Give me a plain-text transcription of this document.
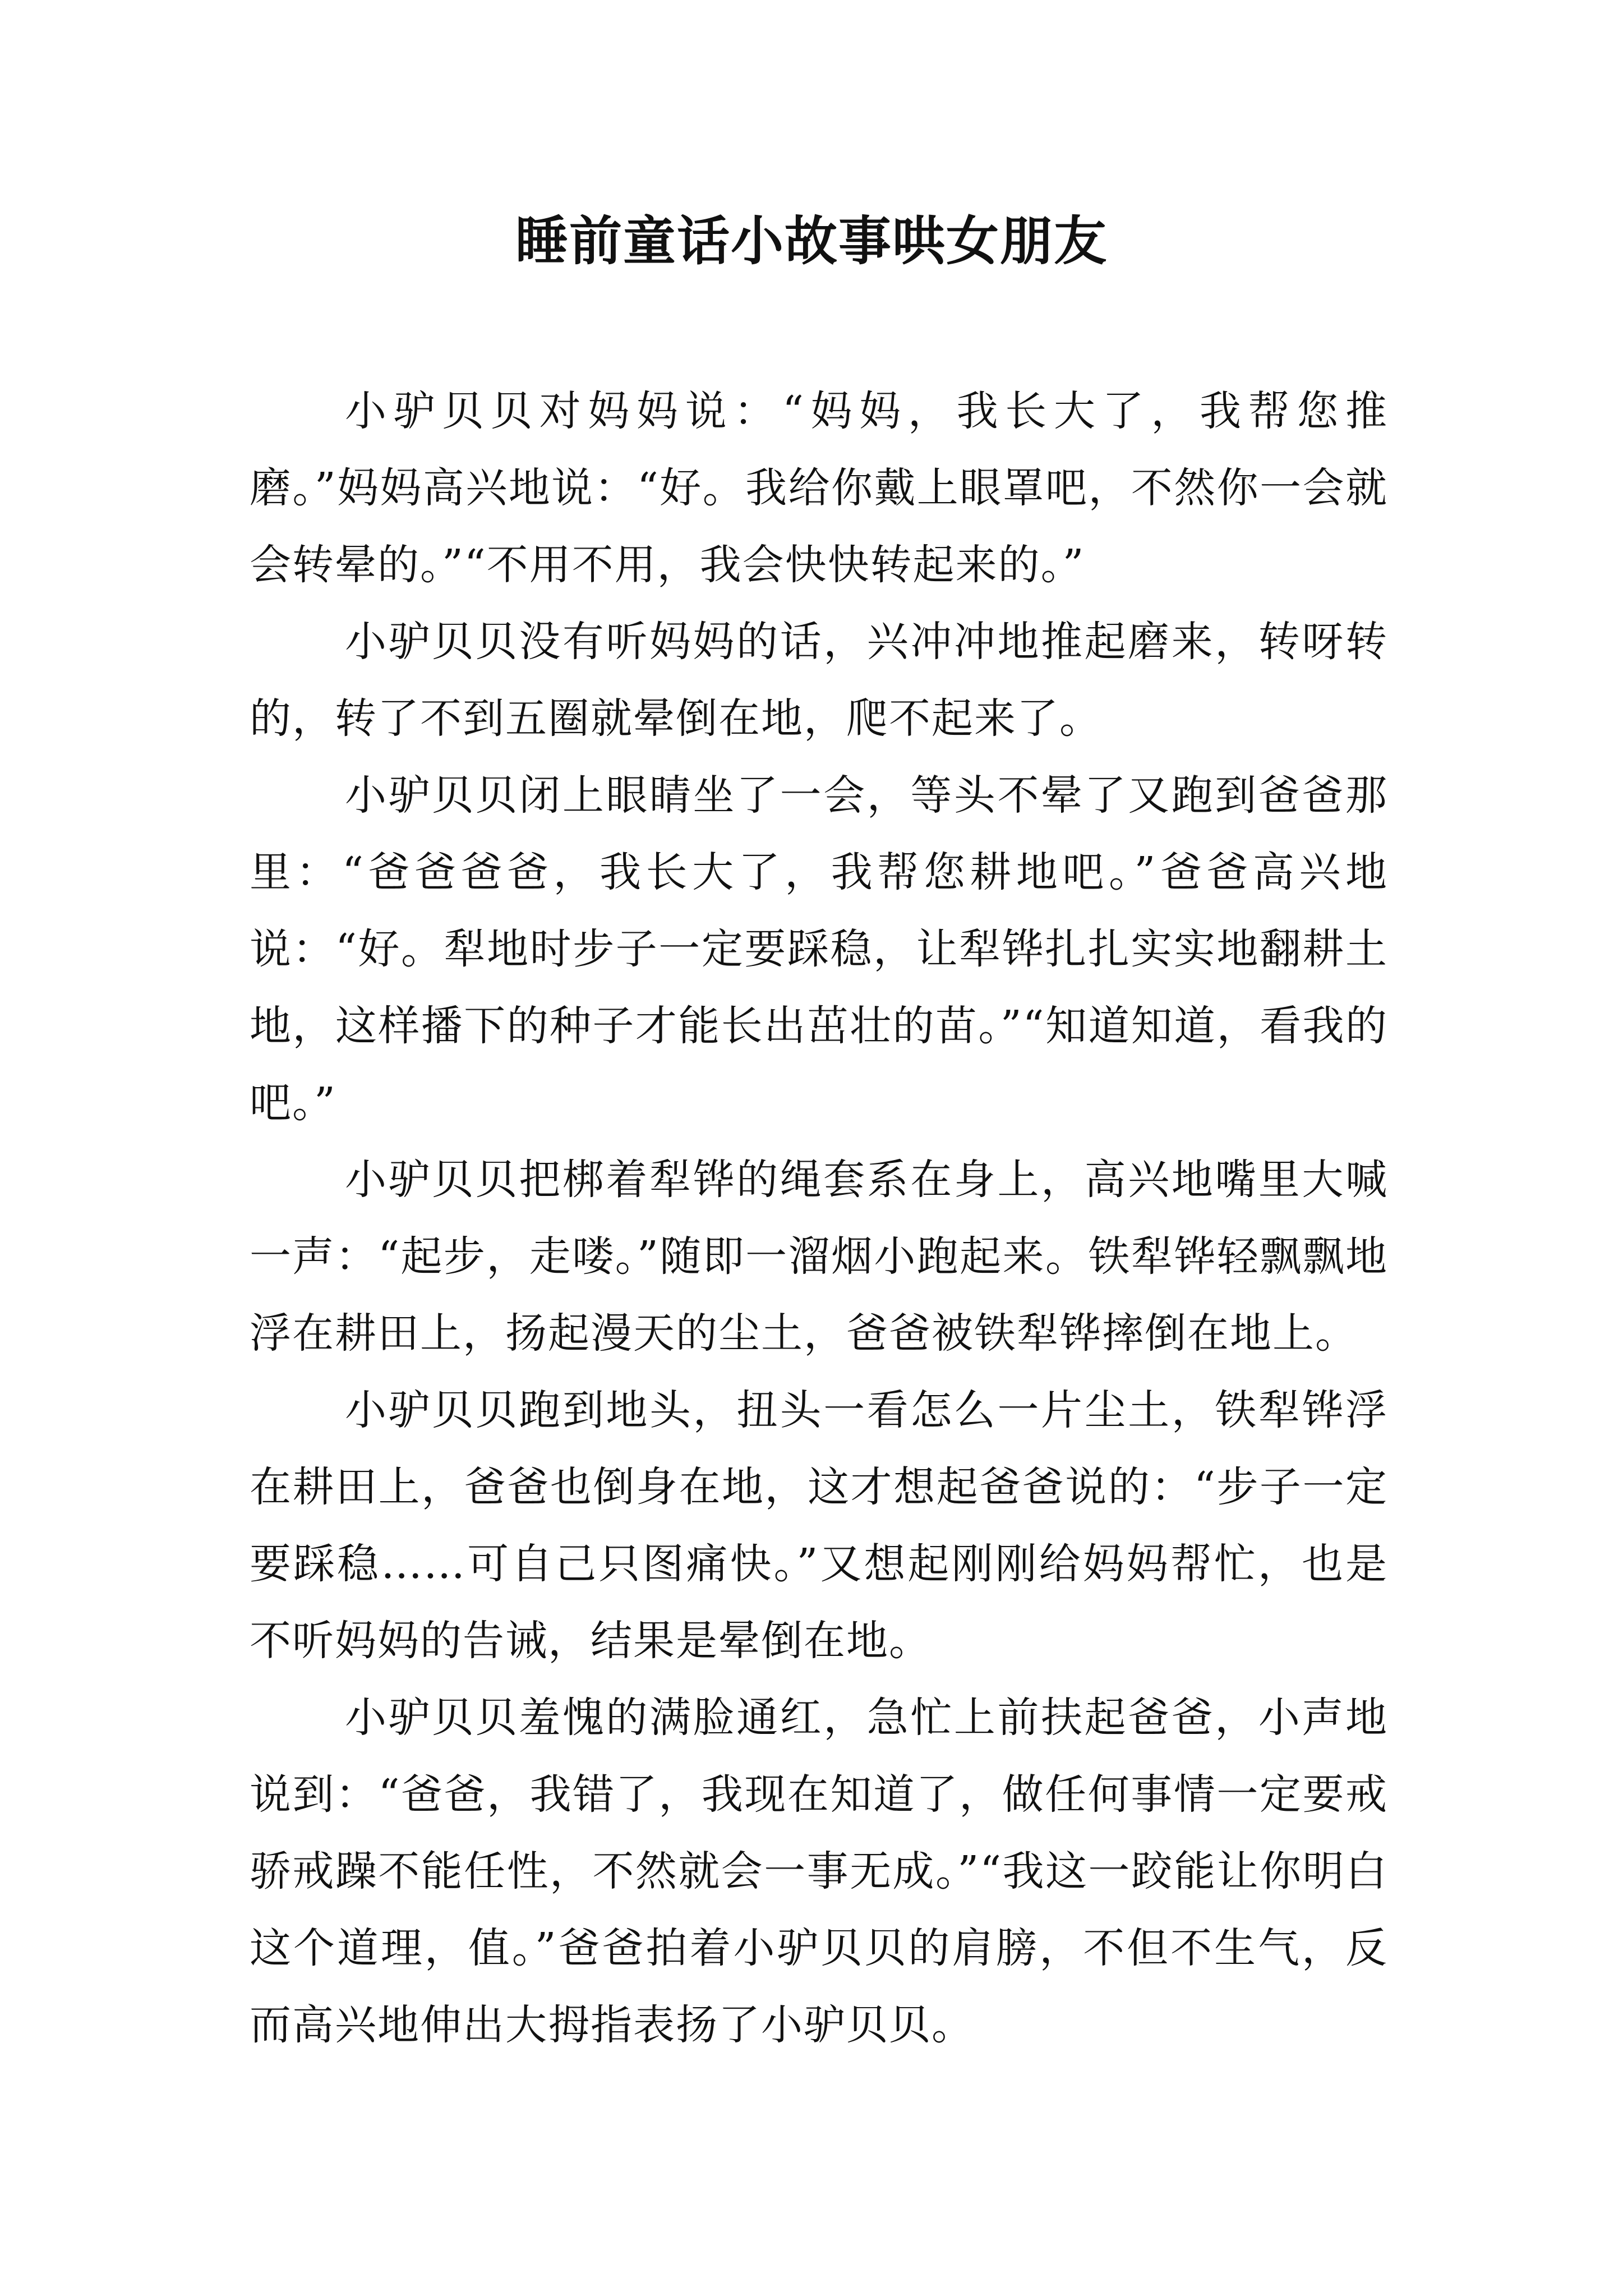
睡前童话小故事哄女朋友

小驴贝贝对妈妈说：“妈妈，我长大了，我帮您推磨。”妈妈高兴地说：“好。我给你戴上眼罩吧，不然你一会就会转晕的。”“不用不用，我会快快转起来的。”

小驴贝贝没有听妈妈的话，兴冲冲地推起磨来，转呀转的，转了不到五圈就晕倒在地，爬不起来了。

小驴贝贝闭上眼睛坐了一会，等头不晕了又跑到爸爸那里：“爸爸爸爸，我长大了，我帮您耕地吧。”爸爸高兴地说：“好。犁地时步子一定要踩稳，让犁铧扎扎实实地翻耕土地，这样播下的种子才能长出茁壮的苗。”“知道知道，看我的吧。”

小驴贝贝把梆着犁铧的绳套系在身上，高兴地嘴里大喊一声：“起步，走喽。”随即一溜烟小跑起来。铁犁铧轻飘飘地浮在耕田上，扬起漫天的尘土，爸爸被铁犁铧摔倒在地上。

小驴贝贝跑到地头，扭头一看怎么一片尘土，铁犁铧浮在耕田上，爸爸也倒身在地，这才想起爸爸说的：“步子一定要踩稳……可自己只图痛快。”又想起刚刚给妈妈帮忙，也是不听妈妈的告诫，结果是晕倒在地。

小驴贝贝羞愧的满脸通红，急忙上前扶起爸爸，小声地说到：“爸爸，我错了，我现在知道了，做任何事情一定要戒骄戒躁不能任性，不然就会一事无成。”“我这一跤能让你明白这个道理，值。”爸爸拍着小驴贝贝的肩膀，不但不生气，反而高兴地伸出大拇指表扬了小驴贝贝。
